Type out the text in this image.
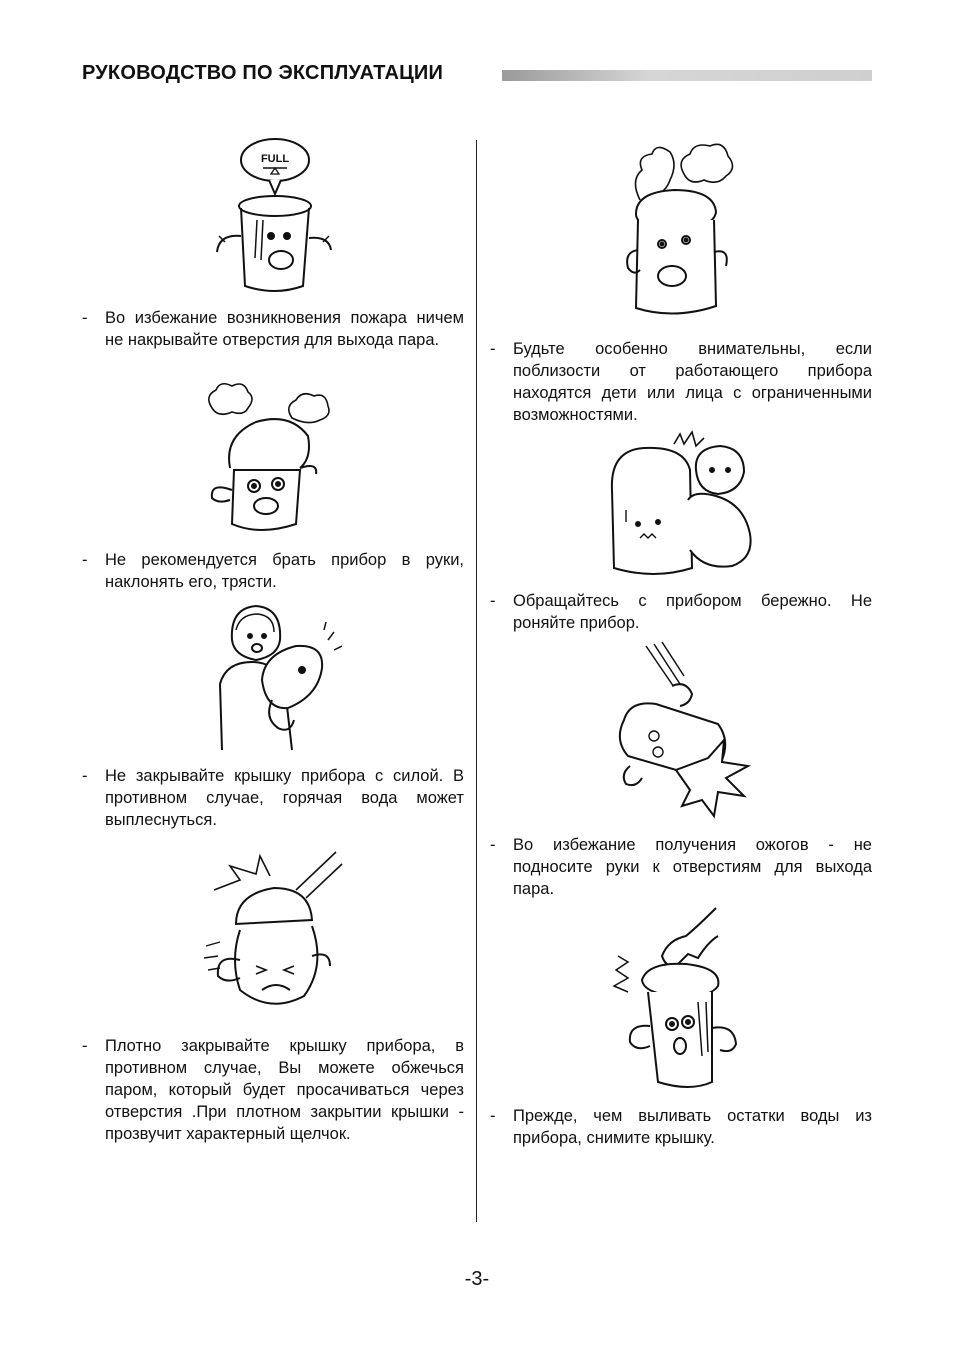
РУКОВОДСТВО ПО ЭКСПЛУАТАЦИИ
FULL
- Во избежание возникновения пожара ничем не накрывайте отверстия для выхода пара.
- Не рекомендуется брать прибор в руки, наклонять его, трясти.
- Не закрывайте крышку прибора с силой. В противном случае, горячая вода может выплеснуться.
- Плотно закрывайте крышку прибора, в противном случае, Вы можете обжечься паром, который будет просачиваться через отверстия .При плотном закрытии крышки - прозвучит характерный щелчок.
- Будьте особенно внимательны, если поблизости от работающего прибора находятся дети или лица с ограниченными возможностями.
- Обращайтесь с прибором бережно. Не роняйте прибор.
- Во избежание получения ожогов - не подносите руки к отверстиям для выхода пара.
- Прежде, чем выливать остатки воды из прибора, снимите крышку.
-3-
